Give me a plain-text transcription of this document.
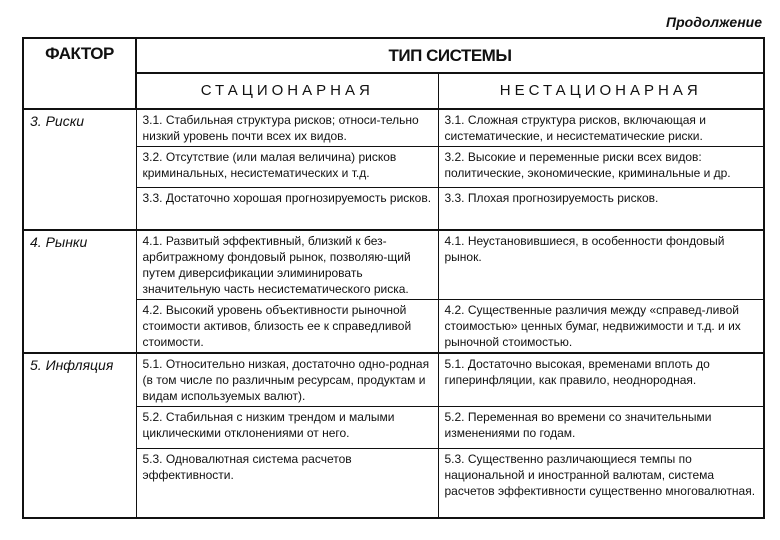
Продолжение
ФАКТОР	ТИП СИСТЕМЫ	
	СТАЦИОНАРНАЯ	НЕСТАЦИОНАРНАЯ
3. Риски	3.1. Стабильная структура рисков; относи-тельно низкий уровень почти всех их видов.	3.1. Сложная структура рисков, включающая и систематические, и несистематические риски.
	3.2. Отсутствие (или малая величина) рисков криминальных, несистематических и т.д.	3.2. Высокие и переменные риски всех видов: политические, экономические, криминальные и др.
	3.3. Достаточно хорошая прогнозируемость рисков.	3.3. Плохая прогнозируемость рисков.
4. Рынки	4.1. Развитый эффективный, близкий к без-арбитражному фондовый рынок, позволяю-щий путем диверсификации элиминировать значительную часть несистематического риска.	4.1. Неустановившиеся, в особенности фондовый рынок.
	4.2. Высокий уровень объективности рыночной стоимости активов, близость ее к справедливой стоимости.	4.2. Существенные различия между «справед-ливой стоимостью» ценных бумаг, недвижимости и т.д. и их рыночной стоимостью.
5. Инфляция	5.1. Относительно низкая, достаточно одно-родная (в том числе по различным ресурсам, продуктам и видам используемых валют).	5.1. Достаточно высокая, временами вплоть до гиперинфляции, как правило, неоднородная.
	5.2. Стабильная с низким трендом и малыми циклическими отклонениями от него.	5.2. Переменная во времени со значительными изменениями по годам.
	5.3. Одновалютная система расчетов эффективности.	5.3. Существенно различающиеся темпы по национальной и иностранной валютам, система расчетов эффективности существенно многовалютная.
